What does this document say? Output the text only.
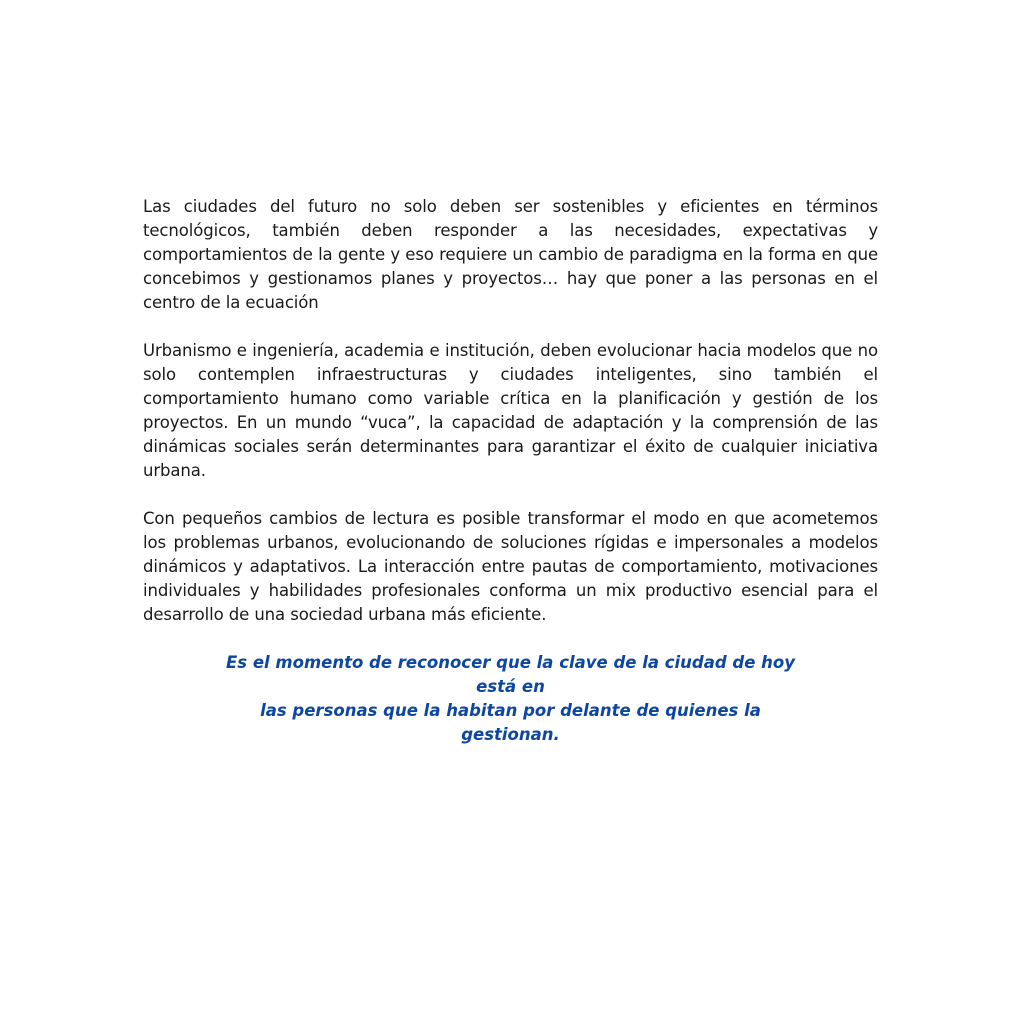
Las ciudades del futuro no solo deben ser sostenibles y eficientes en términos tecnológicos, también deben responder a las necesidades, expectativas y comportamientos de la gente y eso requiere un cambio de paradigma en la forma en que concebimos y gestionamos planes y proyectos… hay que poner a las personas en el centro de la ecuación

Urbanismo e ingeniería, academia e institución, deben evolucionar hacia modelos que no solo contemplen infraestructuras y ciudades inteligentes, sino también el comportamiento humano como variable crítica en la planificación y gestión de los proyectos. En un mundo “vuca”, la capacidad de adaptación y la comprensión de las dinámicas sociales serán determinantes para garantizar el éxito de cualquier iniciativa urbana.

Con pequeños cambios de lectura es posible transformar el modo en que acometemos los problemas urbanos, evolucionando de soluciones rígidas e impersonales a modelos dinámicos y adaptativos. La interacción entre pautas de comportamiento, motivaciones individuales y habilidades profesionales conforma un mix productivo esencial para el desarrollo de una sociedad urbana más eficiente.

Es el momento de reconocer que la clave de la ciudad de hoy está en
las personas que la habitan por delante de quienes la gestionan.
